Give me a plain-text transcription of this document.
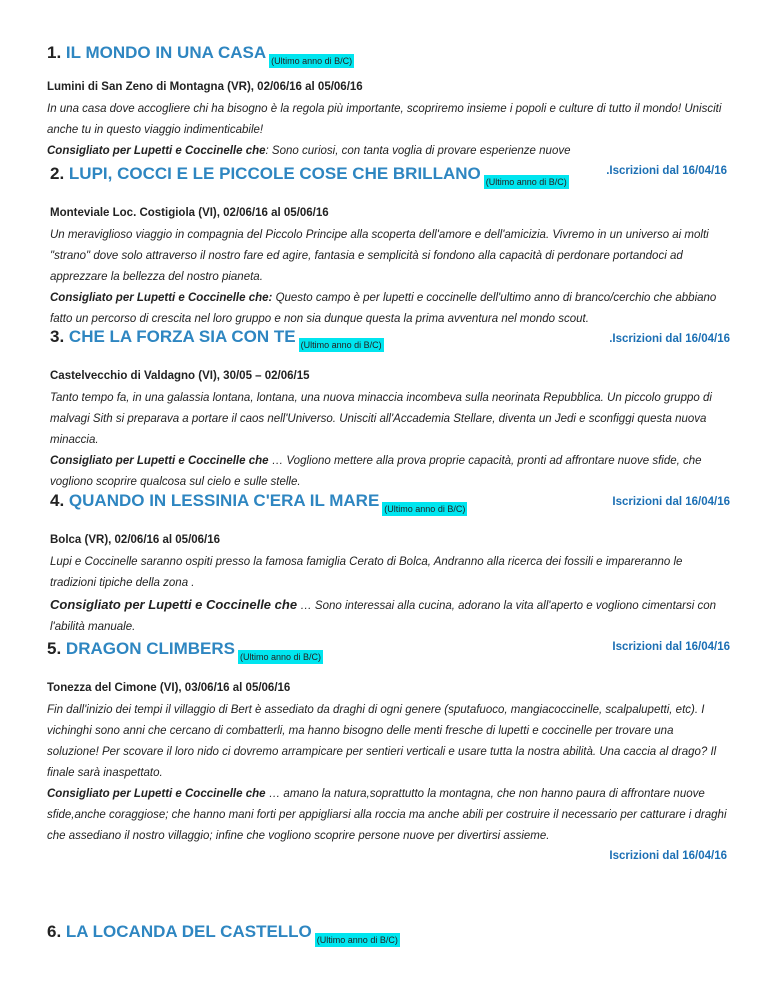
1. IL MONDO IN UNA CASA (Ultimo anno di B/C)
Lumini di San Zeno di Montagna (VR), 02/06/16 al 05/06/16
In una casa dove accogliere chi ha bisogno è la regola più importante, scopriremo insieme i popoli e culture di tutto il mondo! Unisciti anche tu in questo viaggio indimenticabile!
Consigliato per Lupetti e Coccinelle che: Sono curiosi, con tanta voglia di provare esperienze nuove
.Iscrizioni dal 16/04/16
2. LUPI, COCCI E LE PICCOLE COSE CHE BRILLANO (Ultimo anno di B/C)
Monteviale Loc. Costigiola (VI), 02/06/16 al 05/06/16
Un meraviglioso viaggio in compagnia del Piccolo Principe alla scoperta dell'amore e dell'amicizia. Vivremo in un universo ai molti "strano" dove solo attraverso il nostro fare ed agire, fantasia e semplicità si fondono alla capacità di perdonare portandoci ad apprezzare la bellezza del nostro pianeta.
Consigliato per Lupetti e Coccinelle che: Questo campo è per lupetti e coccinelle dell'ultimo anno di branco/cerchio che abbiano fatto un percorso di crescita nel loro gruppo e non sia dunque questa la prima avventura nel mondo scout.
.Iscrizioni dal 16/04/16
3. CHE LA FORZA SIA CON TE (Ultimo anno di B/C)
Castelvecchio di Valdagno (VI), 30/05 – 02/06/15
Tanto tempo fa, in una galassia lontana, lontana, una nuova minaccia incombeva sulla neorinata Repubblica. Un piccolo gruppo di malvagi Sith si preparava a portare il caos nell'Universo. Unisciti all'Accademia Stellare, diventa un Jedi e sconfiggi questa nuova minaccia.
Consigliato per Lupetti e Coccinelle che … Vogliono mettere alla prova proprie capacità, pronti ad affrontare nuove sfide, che vogliono scoprire qualcosa sul cielo e sulle stelle.
Iscrizioni dal 16/04/16
4. QUANDO IN LESSINIA C'ERA IL MARE (Ultimo anno di B/C)
Bolca (VR), 02/06/16 al 05/06/16
Lupi e Coccinelle saranno ospiti presso la famosa famiglia Cerato di Bolca, Andranno alla ricerca dei fossili e impareranno le tradizioni tipiche della zona .
Consigliato per Lupetti e Coccinelle che … Sono interessai alla cucina, adorano la vita all'aperto e vogliono cimentarsi con l'abilità manuale.
Iscrizioni dal 16/04/16
5. DRAGON CLIMBERS (Ultimo anno di B/C)
Tonezza del Cimone (VI), 03/06/16 al 05/06/16
Fin dall'inizio dei tempi il villaggio di Bert è assediato da draghi di ogni genere (sputafuoco, mangiacoccinelle, scalpalupetti, etc). I vichinghi sono anni che cercano di combatterli, ma hanno bisogno delle menti fresche di lupetti e coccinelle per trovare una soluzione! Per scovare il loro nido ci dovremo arrampicare per sentieri verticali e usare tutta la nostra abilità. Una caccia al drago? Il finale sarà inaspettato.
Consigliato per Lupetti e Coccinelle che … amano la natura,soprattutto la montagna, che non hanno paura di affrontare nuove sfide,anche coraggiose; che hanno mani forti per appigliarsi alla roccia ma anche abili per costruire il necessario per catturare i draghi che assediano il nostro villaggio; infine che vogliono scoprire persone nuove per divertirsi assieme.
Iscrizioni dal 16/04/16
6. LA LOCANDA DEL CASTELLO (Ultimo anno di B/C)
